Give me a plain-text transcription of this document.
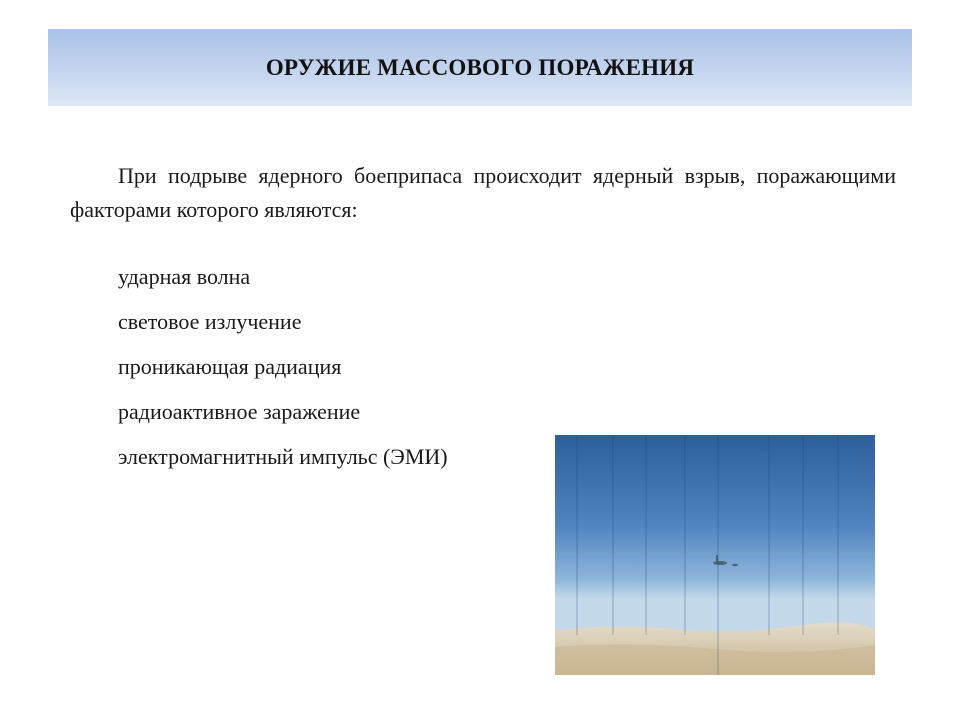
ОРУЖИЕ МАССОВОГО ПОРАЖЕНИЯ

При подрыве ядерного боеприпаса происходит ядерный взрыв, поражающими факторами которого являются:

ударная волна
световое излучение
проникающая радиация
радиоактивное заражение
электромагнитный импульс (ЭМИ)
